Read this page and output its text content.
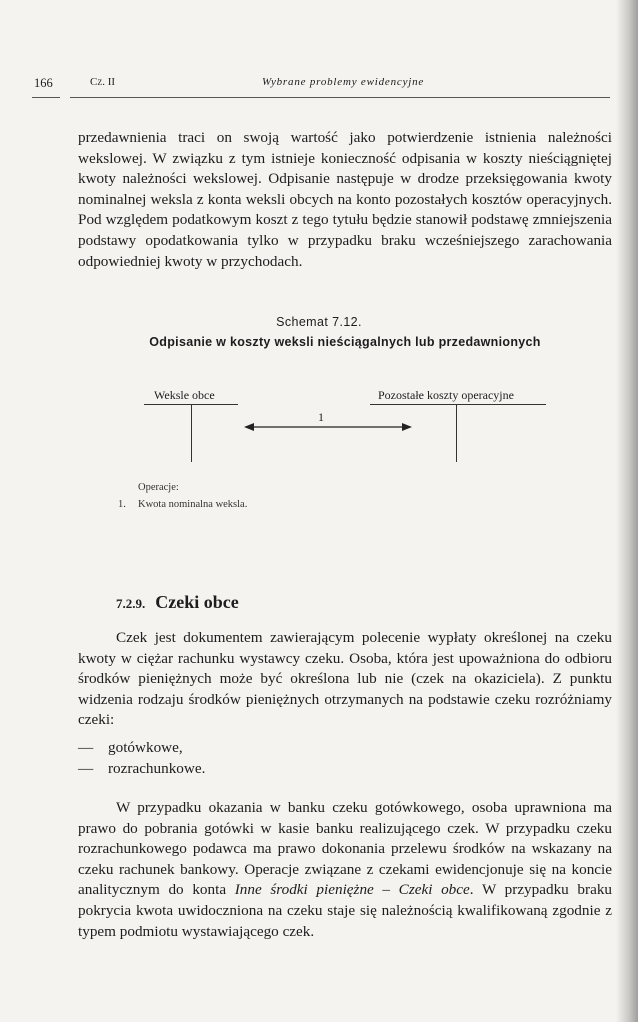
166	Cz. II	Wybrane problemy ewidencyjne

przedawnienia traci on swoją wartość jako potwierdzenie istnienia należności wekslowej. W związku z tym istnieje konieczność odpisania w koszty nieściągniętej kwoty należności wekslowej. Odpisanie następuje w drodze przeksięgowania kwoty nominalnej weksla z konta weksli obcych na konto pozostałych kosztów operacyjnych. Pod względem podatkowym koszt z tego tytułu będzie stanowił podstawę zmniejszenia podstawy opodatkowania tylko w przypadku braku wcześniejszego zarachowania odpowiedniej kwoty w przychodach.

Schemat 7.12.
Odpisanie w koszty weksli nieściągalnych lub przedawnionych
Weksle obce	Pozostałe koszty operacyjne
1
Operacje:
1. Kwota nominalna weksla.
7.2.9. Czeki obce

Czek jest dokumentem zawierającym polecenie wypłaty określonej na czeku kwoty w ciężar rachunku wystawcy czeku. Osoba, która jest upoważniona do odbioru środków pieniężnych może być określona lub nie (czek na okaziciela). Z punktu widzenia rodzaju środków pieniężnych otrzymanych na podstawie czeku rozróżniamy czeki:

— gotówkowe,
— rozrachunkowe.

W przypadku okazania w banku czeku gotówkowego, osoba uprawniona ma prawo do pobrania gotówki w kasie banku realizującego czek. W przypadku czeku rozrachunkowego podawca ma prawo dokonania przelewu środków na wskazany na czeku rachunek bankowy. Operacje związane z czekami ewidencjonuje się na koncie analitycznym do konta Inne środki pieniężne – Czeki obce. W przypadku braku pokrycia kwota uwidoczniona na czeku staje się należnością kwalifikowaną zgodnie z typem podmiotu wystawiającego czek.
